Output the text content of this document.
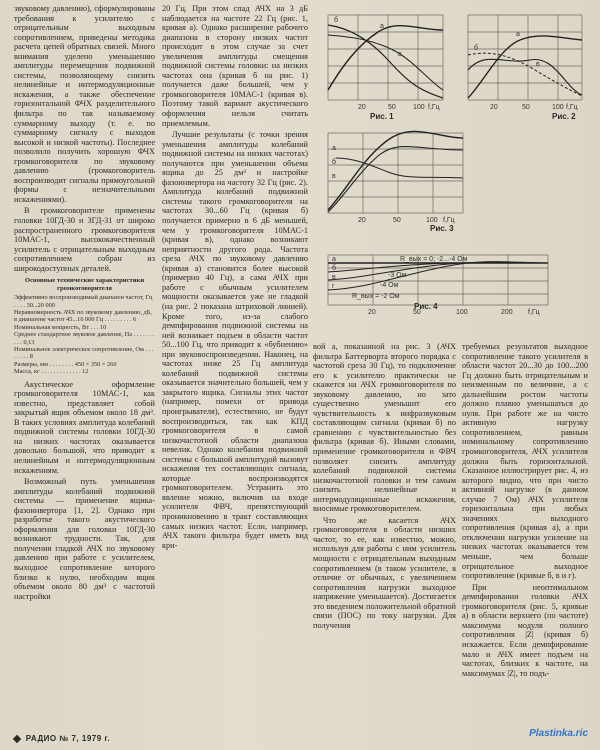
звуковому давлению), сформулированы требования к усилителю с отрицательным выходным сопротивлением, приведены методика расчета цепей обратных связей. Много внимания уделено уменьшению амплитуды перемещения подвижной системы, позволяющему снизить нелинейные и интермодуляционные искажения, а также обеспечение горизонтальной ФЧХ разделительного фильтра по так называемому суммарному выходу (т. е. по суммарному сигналу с выходов высокой и низкой частоты). Последнее позволило получить хорошую ФЧХ громкоговорителя по звуковому давлению (громкоговоритель воспроизводит сигналы прямоугольной формы с незначительными искажениями).

В громкоговорителе применены головки 10ГД-30 и 3ГД-31 от широко распространенного громкоговорителя 10МАС-1, высококачественный усилитель с отрицательным выходным сопротивлением собран из широкодоступных деталей.

Основные технические характеристики громкоговорителя
Эффективно воспроизводимый диапазон частот, Гц . . . . 30...20 000
Неравномерность АЧХ по звуковому давлению, дБ, в диапазоне частот 45...16 000 Гц . . . . . . . . . 6
Номинальная мощность, Вт . . . 10
Среднее стандартное звуковое давление, Па . . . . . . . . . . 0,13
Номинальное электрическое сопротивление, Ом . . . . . . . . 8
Размеры, мм . . . . . . . . 450 × 350 × 260
Масса, кг . . . . . . . . . . . . . 12

Акустическое оформление громкоговорителя 10МАС-1, как известно, представляет собой закрытый ящик объемом около 18 дм³. В таких условиях амплитуда колебаний подвижной системы головки 10ГД-30 на низких частотах оказывается довольно большой, что приводит к нелинейным и интермодуляционным искажениям.

Возможный путь уменьшения амплитуды колебаний подвижной системы — применение ящика-фазоинвертора [1, 2]. Однако при разработке такого акустического оформления для головки 10ГД-30 возникают трудности. Так, для получения гладкой АЧХ по звуковому давлению при работе с усилителем, выходное сопротивление которого близко к нулю, необходим ящик объемом около 80 дм³ с частотой настройки

20 Гц. При этом спад АЧХ на 3 дБ наблюдается на частоте 22 Гц (рис. 1, кривая а). Однако расширение рабочего диапазона в сторону низких частот происходит в этом случае за счет увеличения амплитуды смещения подвижной системы головки: на низких частотах она (кривая б на рис. 1) получается даже большей, чем у громкоговорителя 10МАС-1 (кривая в). Поэтому такой вариант акустического оформления нельзя считать приемлемым.

Лучшие результаты (с точки зрения уменьшения амплитуды колебаний подвижной системы на низких частотах) получаются при уменьшении объема ящика до 25 дм³ и настройке фазоинвертора на частоту 32 Гц (рис. 2). Амплитуда колебаний подвижной системы такого громкоговорителя на частотах 30...60 Гц (кривая б) получается примерно в 6 дБ меньшей, чем у громкоговорителя 10МАС-1 (кривая в), однако возникают неприятности другого рода. Частота среза АЧХ по звуковому давлению (кривая а) становится более высокой (примерно 40 Гц), а сама АЧХ при работе с обычным усилителем мощности оказывается уже не гладкой (на рис. 2 показана штриховой линией). Кроме того, из-за слабого демпфирования подвижной системы на ней возникает подъем в области частот 50...100 Гц, что приводит к «бубнению» при звуковоспроизведении. Наконец, на частотах ниже 25 Гц амплитуда колебаний подвижной системы оказывается значительно большей, чем у закрытого ящика. Сигналы этих частот (например, помехи от привода проигрывателя), естественно, не будут воспроизводиться, так как КПД громкоговорителя в самой низкочастотной области диапазона невелик. Однако колебания подвижной системы с большой амплитудой вызовут искажения тех составляющих сигнала, которые воспроизводятся громкоговорителем. Устранить это явление можно, включив на входе усилителя ФВЧ, препятствующий проникновению в тракт составляющих самых низких частот. Если, например, АЧХ такого фильтра будет иметь вид кри-

20	50 100 f,Гц
а
б
в
Рис. 1
20	50	100 f,Гц
а
б
в
Рис. 2
20	50	100 f,Гц
а
б
в
Рис. 3
а
б
в
г
R_вых = 0; -2...-4 Ом
-3 Ом
-4 Ом
R_вых = -2 Ом
20	50	100	200 f,Гц
Рис. 4

вой а, показанной на рис. 3 (АЧХ фильтра Баттерворта второго порядка с частотой среза 30 Гц), то подключение его к усилителю практически не скажется на АЧХ громкоговорителя по звуковому давлению, но зато существенно уменьшит его чувствительность к инфразвуковым составляющим сигнала (кривая б) по сравнению с чувствительностью без фильтра (кривая б). Иными словами, применение громкоговорителя и ФВЧ позволяет снизить амплитуду колебаний подвижной системы низкочастотной головки и тем самым снизить нелинейные и интермодуляционные искажения, вносимые громкоговорителем.

Что же касается АЧХ громкоговорителя в области низших частот, то ее, как известно, можно, используя для работы с ним усилитель мощности с отрицательным выходным сопротивлением (в таком усилителе, в отличие от обычных, с увеличением сопротивления нагрузки выходное напряжение уменьшается). Достигается это введением положительной обратной связи (ПОС) по току нагрузки. Для получения

требуемых результатов выходное сопротивление такого усилителя в области частот 20...30 до 100...200 Гц должно быть отрицательным и неизменным по величине, а с дальнейшим ростом частоты должно плавно уменьшаться до нуля. При работе же на чисто активную нагрузку сопротивлением, равным номинальному сопротивлению громкоговорителя, АЧХ усилителя должна быть горизонтальной. Сказанное иллюстрирует рис. 4, из которого видно, что при чисто активной нагрузке (в данном случае 7 Ом) АЧХ усилителя горизонтальна при любых значениях выходного сопротивления (кривая а), а при отключении нагрузки усиление на низких частотах оказывается тем меньше, чем больше отрицательное выходное сопротивление (кривые б, в и г).

При неоптимальном демпфировании головки АЧХ громкоговорителя (рис. 5, кривые а) в области верхнего (по частоте) максимума модуля полного сопротивления |Z| (кривая б) искажается. Если демпфирование мало и АЧХ имеет подъем на частотах, близких к частоте, на максимумах |Z|, то подъ-

РАДИО № 7, 1979 г.	Plastinka.ric
